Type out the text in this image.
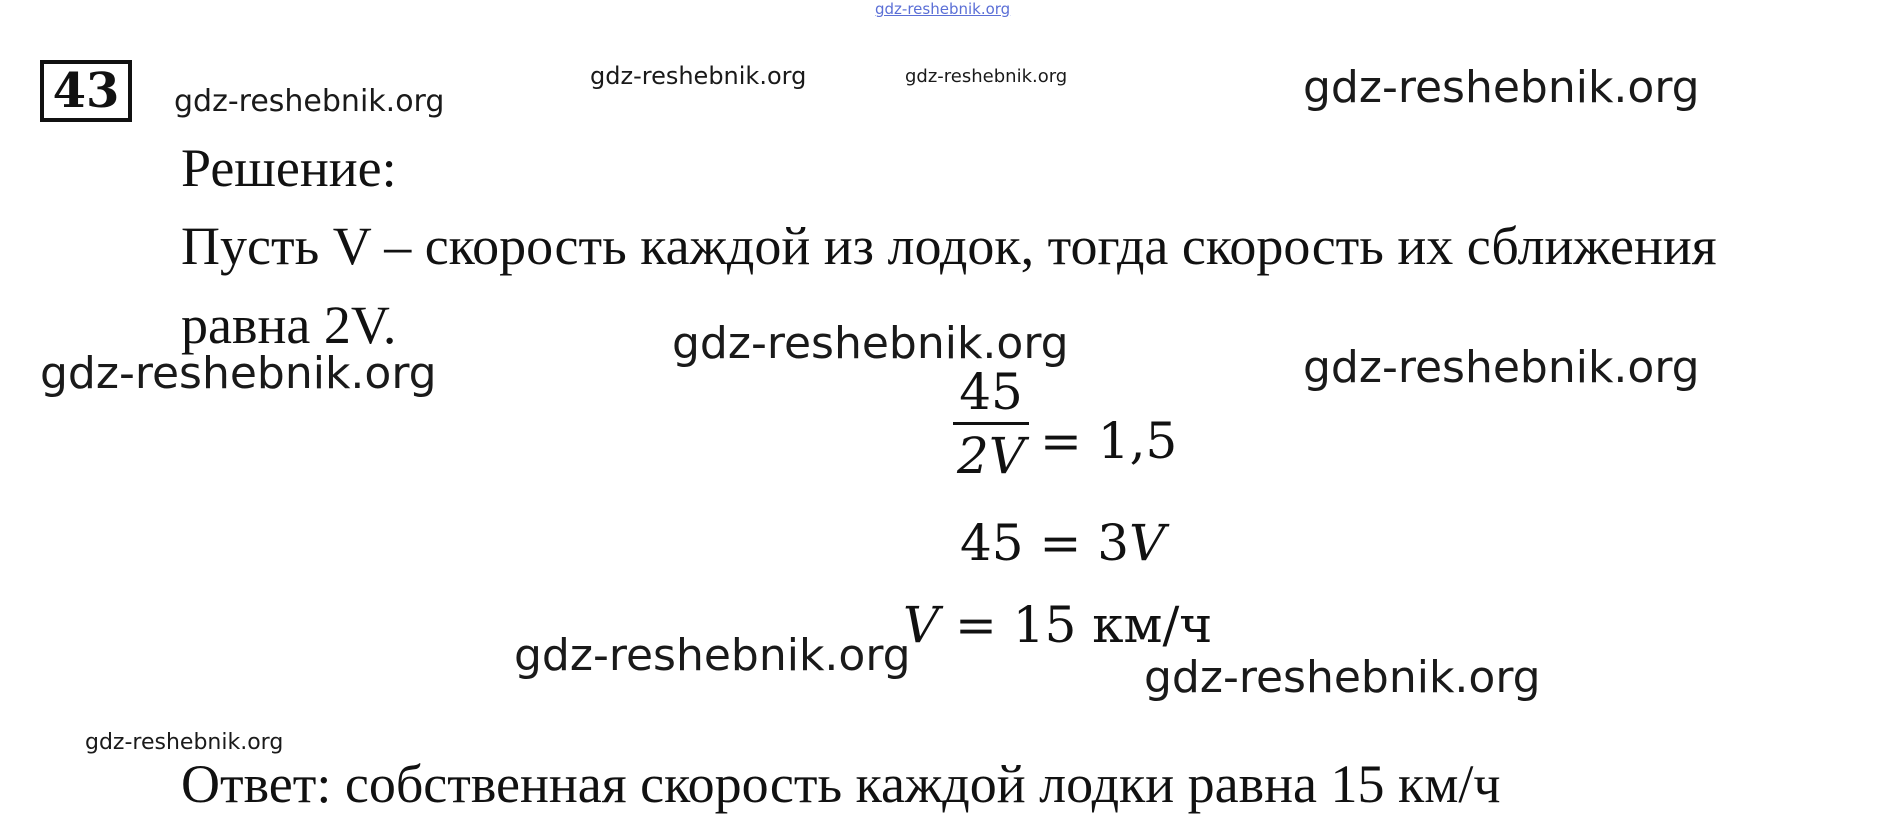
gdz-reshebnik.org
43 gdz-reshebnik.org
gdz-reshebnik.org	gdz-reshebnik.org	gdz-reshebnik.org
Решение:
Пусть V – скорость каждой из лодок, тогда скорость их сближения
равна 2V.	gdz-reshebnik.org
gdz-reshebnik.org	gdz-reshebnik.org
45
2V = 1,5
45 = 3V
V = 15 км/ч
gdz-reshebnik.org	gdz-reshebnik.org
gdz-reshebnik.org
Ответ: собственная скорость каждой лодки равна 15 км/ч
